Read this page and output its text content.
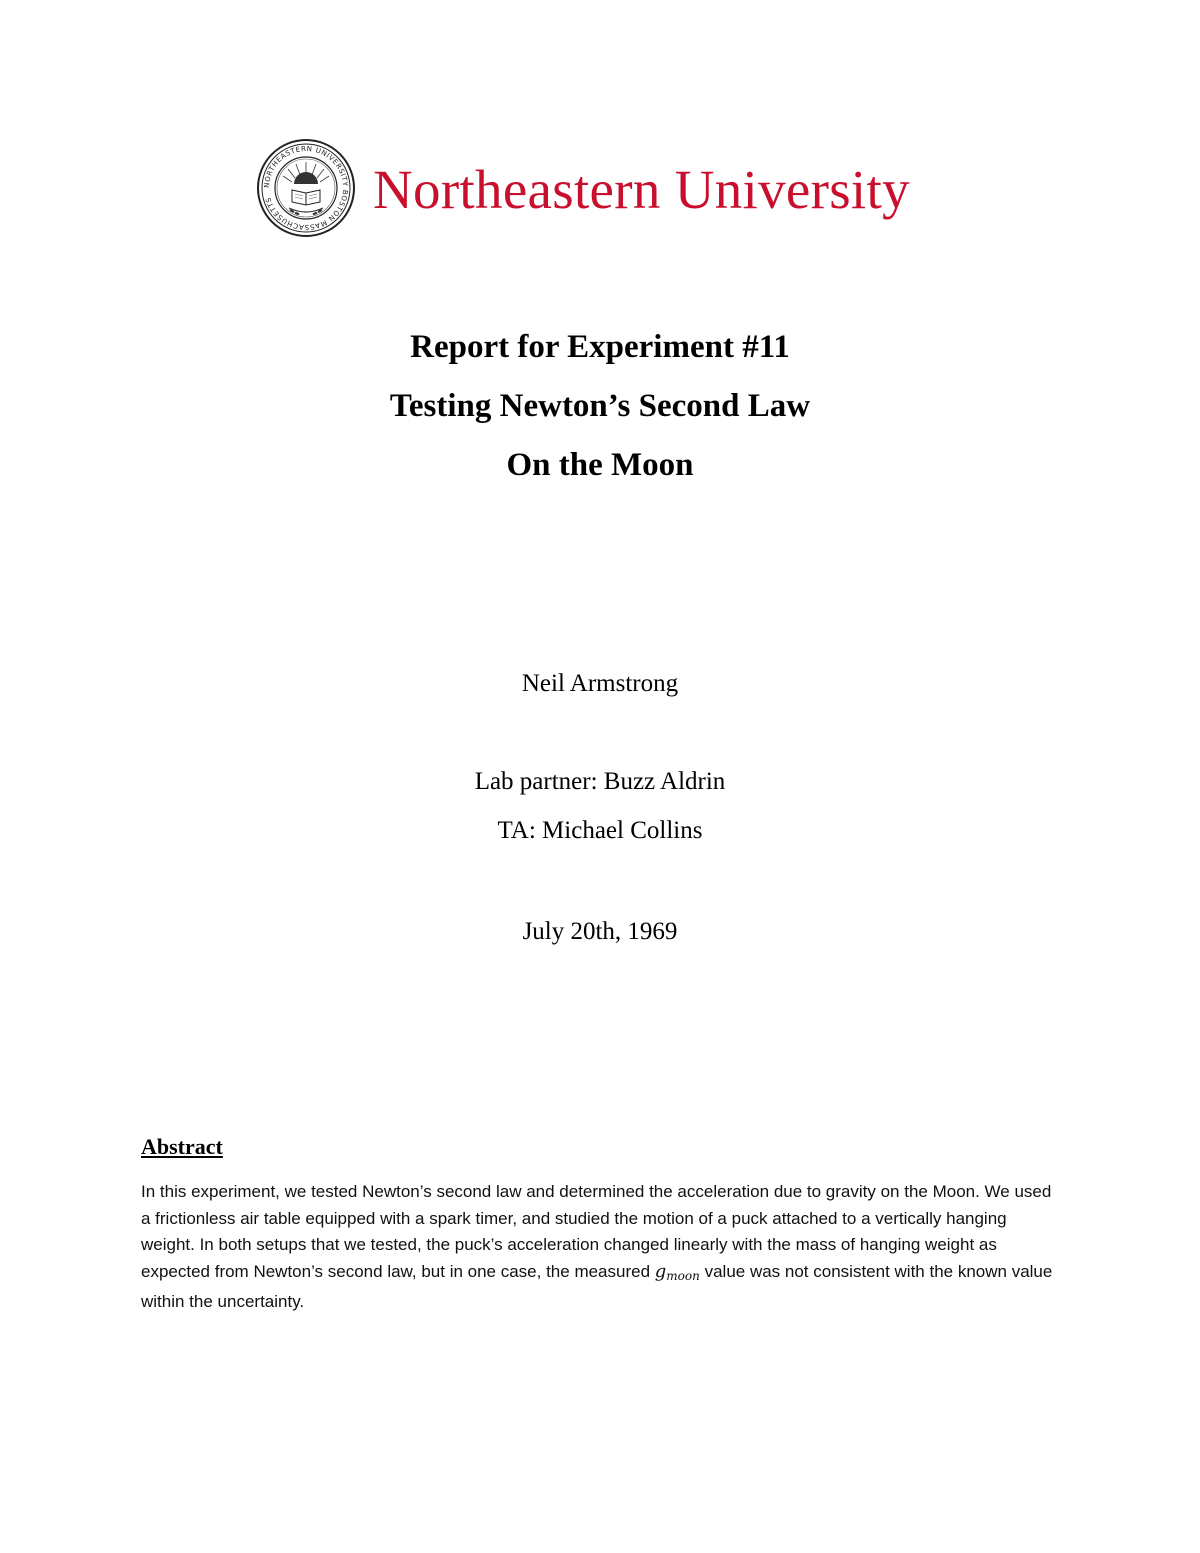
NORTHEASTERN UNIVERSITY BOSTON MASSACHUSETTS	Northeastern University

Report for Experiment #11

Testing Newton’s Second Law

On the Moon

Neil Armstrong
Lab partner: Buzz Aldrin
TA: Michael Collins
July 20th, 1969
Abstract
In this experiment, we tested Newton’s second law and determined the acceleration due to gravity on the Moon. We used a frictionless air table equipped with a spark timer, and studied the motion of a puck attached to a vertically hanging weight. In both setups that we tested, the puck’s acceleration changed linearly with the mass of hanging weight as expected from Newton’s second law, but in one case, the measured $g_{moon}$ value was not consistent with the known value within the uncertainty.
